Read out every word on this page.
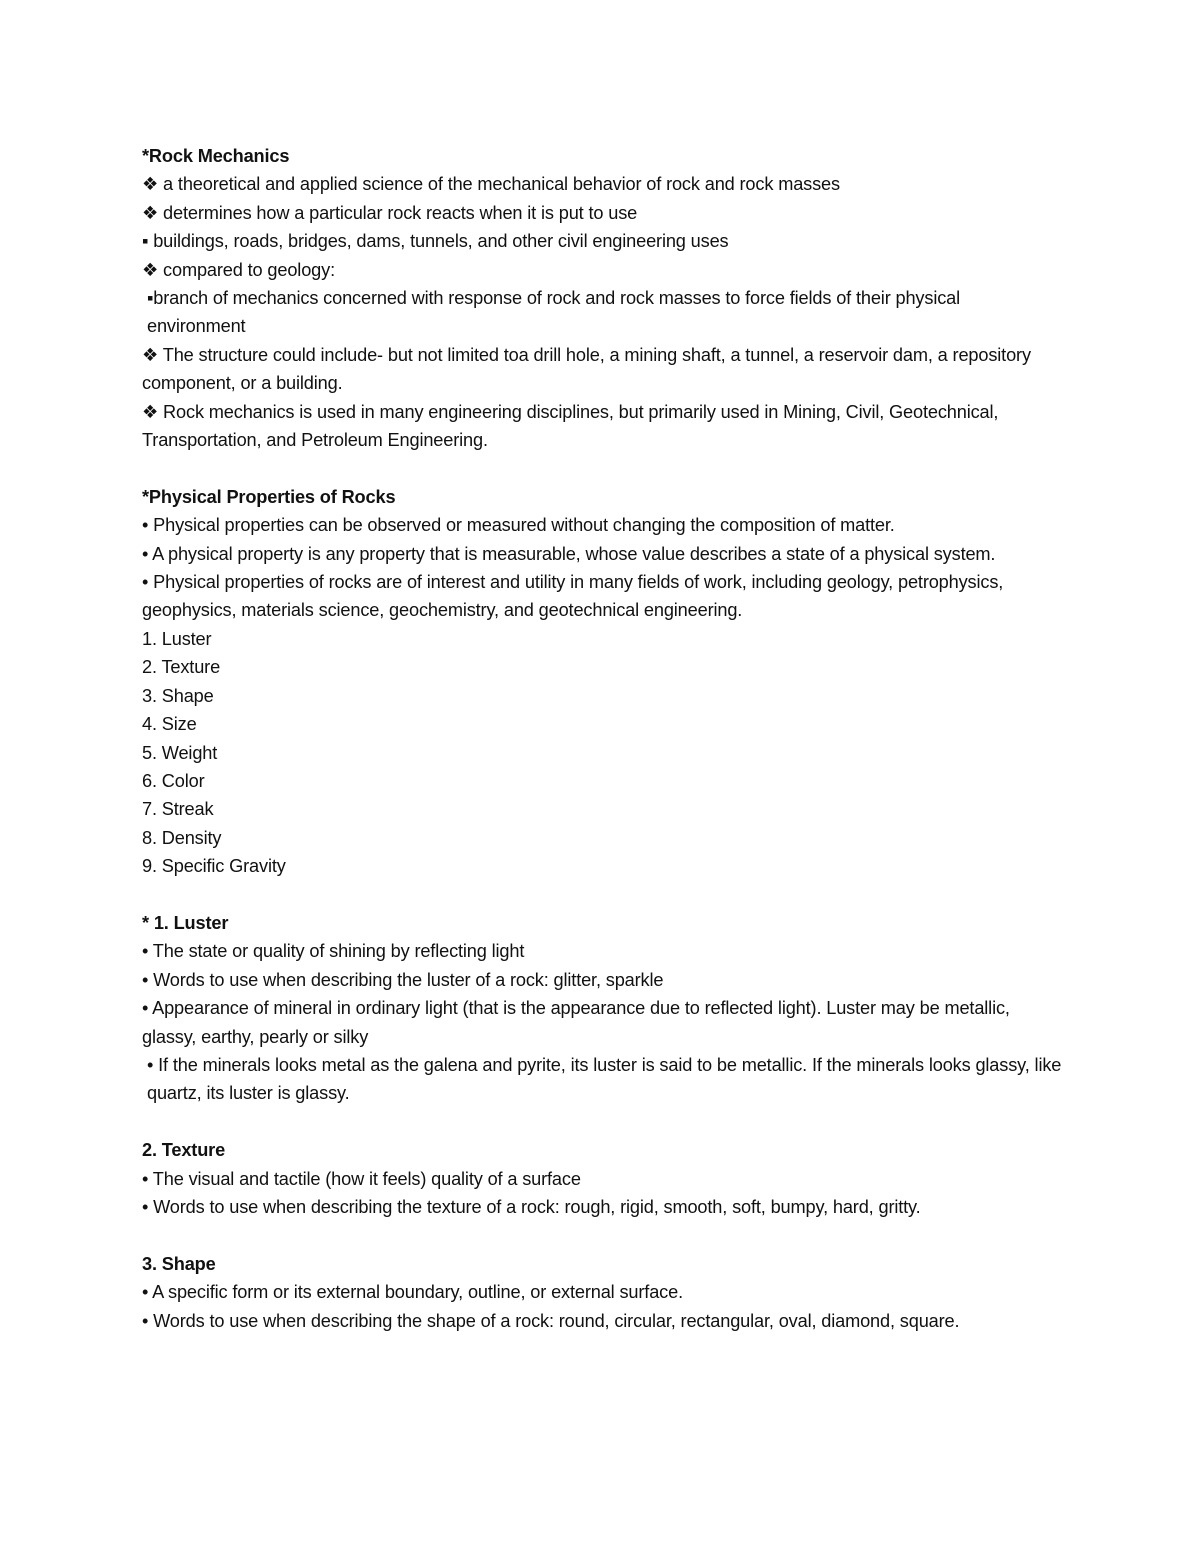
*Rock Mechanics

❖ a theoretical and applied science of the mechanical behavior of rock and rock masses

❖ determines how a particular rock reacts when it is put to use

▪ buildings, roads, bridges, dams, tunnels, and other civil engineering uses

❖ compared to geology:

▪branch of mechanics concerned with response of rock and rock masses to force fields of their physical environment

❖ The structure could include- but not limited toa drill hole, a mining shaft, a tunnel, a reservoir dam, a repository component, or a building.

❖ Rock mechanics is used in many engineering disciplines, but primarily used in Mining, Civil, Geotechnical, Transportation, and Petroleum Engineering.

*Physical Properties of Rocks

• Physical properties can be observed or measured without changing the composition of matter.

• A physical property is any property that is measurable, whose value describes a state of a physical system.

• Physical properties of rocks are of interest and utility in many fields of work, including geology, petrophysics, geophysics, materials science, geochemistry, and geotechnical engineering.

1. Luster

2. Texture

3. Shape

4. Size

5. Weight

6. Color

7. Streak

8. Density

9. Specific Gravity

* 1. Luster

• The state or quality of shining by reflecting light

• Words to use when describing the luster of a rock: glitter, sparkle

• Appearance of mineral in ordinary light (that is the appearance due to reflected light). Luster may be metallic, glassy, earthy, pearly or silky

• If the minerals looks metal as the galena and pyrite, its luster is said to be metallic. If the minerals looks glassy, like quartz, its luster is glassy.

2. Texture

• The visual and tactile (how it feels) quality of a surface

• Words to use when describing the texture of a rock: rough, rigid, smooth, soft, bumpy, hard, gritty.

3. Shape

• A specific form or its external boundary, outline, or external surface.

• Words to use when describing the shape of a rock: round, circular, rectangular, oval, diamond, square.
